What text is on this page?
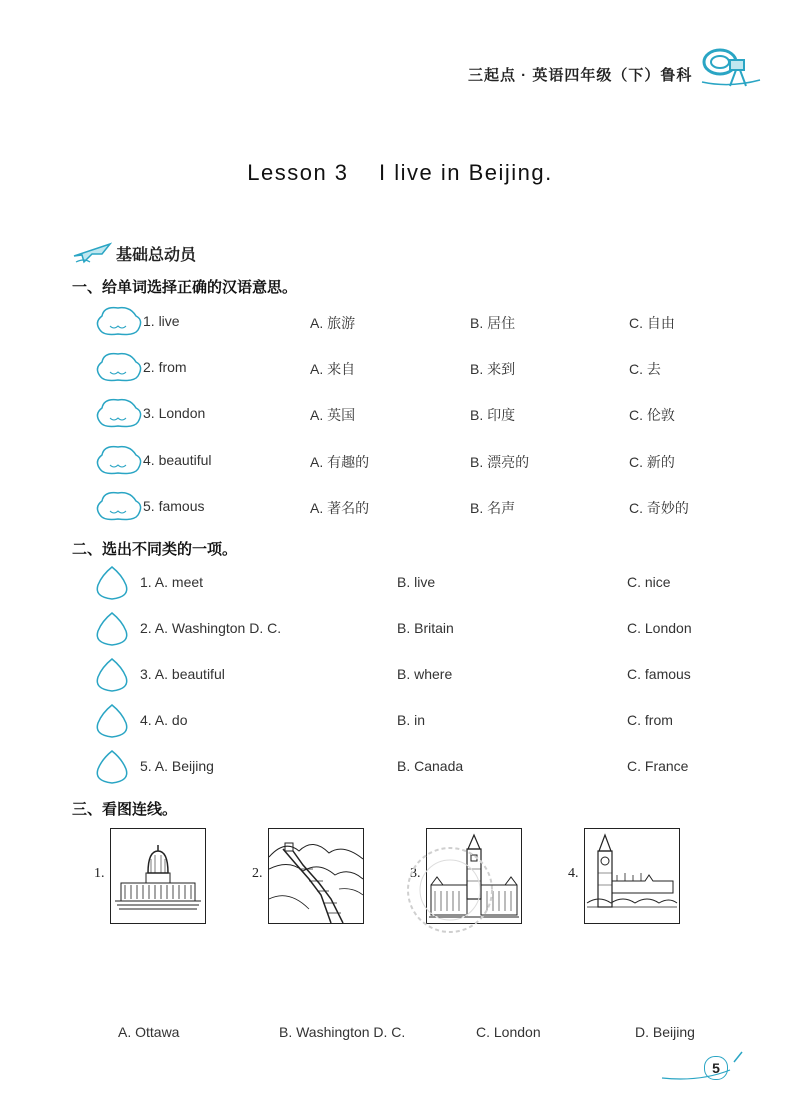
三起点 · 英语四年级（下）鲁科
Lesson 3    I live in Beijing.
基础总动员
一、给单词选择正确的汉语意思。
1. live	A. 旅游	B. 居住	C. 自由
2. from	A. 来自	B. 来到	C. 去
3. London	A. 英国	B. 印度	C. 伦敦
4. beautiful	A. 有趣的	B. 漂亮的	C. 新的
5. famous	A. 著名的	B. 名声	C. 奇妙的
二、选出不同类的一项。
1. A. meet	B. live	C. nice
2. A. Washington D. C.	B. Britain	C. London
3. A. beautiful	B. where	C. famous
4. A. do	B. in	C. from
5. A. Beijing	B. Canada	C. France
三、看图连线。
1.	2.	3.	4.
A. Ottawa	B. Washington D. C.	C. London	D. Beijing
5
